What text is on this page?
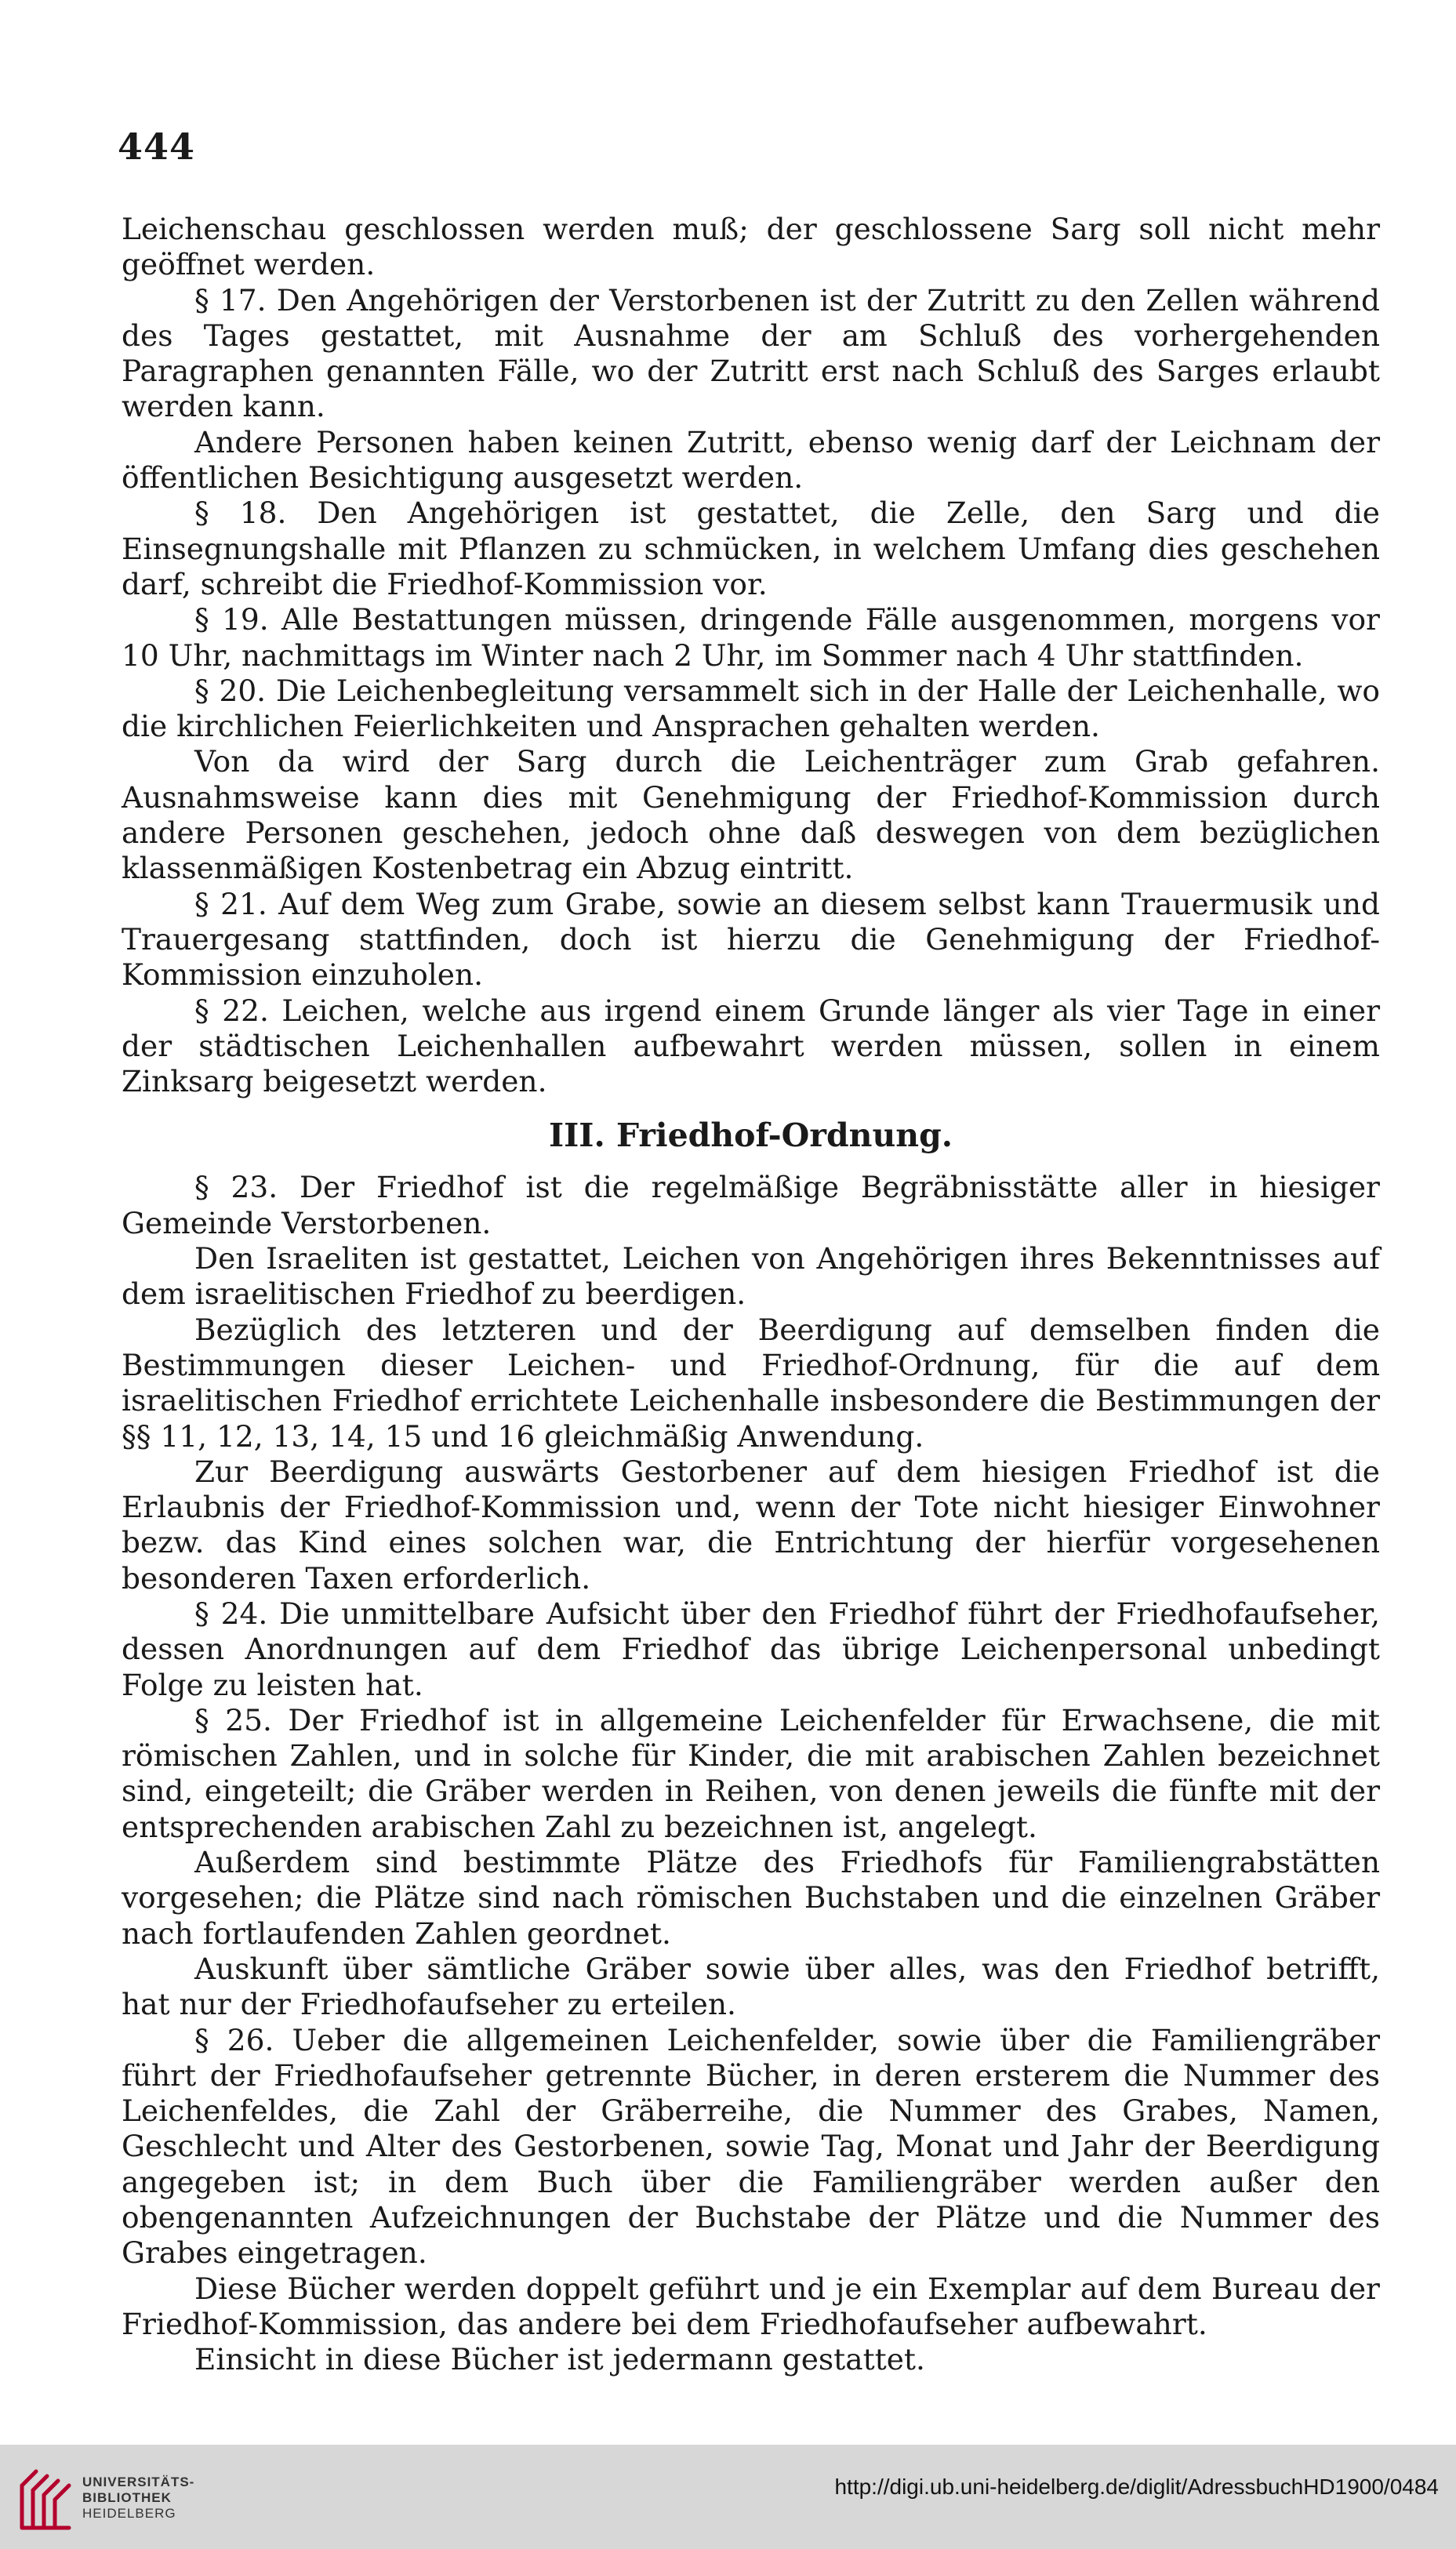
444

Leichenschau geschlossen werden muß; der geschlossene Sarg soll nicht mehr geöffnet werden.

§ 17. Den Angehörigen der Verstorbenen ist der Zutritt zu den Zellen während des Tages gestattet, mit Ausnahme der am Schluß des vorhergehenden Paragraphen genannten Fälle, wo der Zutritt erst nach Schluß des Sarges erlaubt werden kann.

Andere Personen haben keinen Zutritt, ebenso wenig darf der Leichnam der öffentlichen Besichtigung ausgesetzt werden.

§ 18. Den Angehörigen ist gestattet, die Zelle, den Sarg und die Einsegnungshalle mit Pflanzen zu schmücken, in welchem Umfang dies geschehen darf, schreibt die Friedhof-Kommission vor.

§ 19. Alle Bestattungen müssen, dringende Fälle ausgenommen, morgens vor 10 Uhr, nachmittags im Winter nach 2 Uhr, im Sommer nach 4 Uhr stattfinden.

§ 20. Die Leichenbegleitung versammelt sich in der Halle der Leichenhalle, wo die kirchlichen Feierlichkeiten und Ansprachen gehalten werden.

Von da wird der Sarg durch die Leichenträger zum Grab gefahren. Ausnahmsweise kann dies mit Genehmigung der Friedhof-Kommission durch andere Personen geschehen, jedoch ohne daß deswegen von dem bezüglichen klassenmäßigen Kostenbetrag ein Abzug eintritt.

§ 21. Auf dem Weg zum Grabe, sowie an diesem selbst kann Trauermusik und Trauergesang stattfinden, doch ist hierzu die Genehmigung der Friedhof-Kommission einzuholen.

§ 22. Leichen, welche aus irgend einem Grunde länger als vier Tage in einer der städtischen Leichenhallen aufbewahrt werden müssen, sollen in einem Zinksarg beigesetzt werden.

III. Friedhof-Ordnung.

§ 23. Der Friedhof ist die regelmäßige Begräbnisstätte aller in hiesiger Gemeinde Verstorbenen.

Den Israeliten ist gestattet, Leichen von Angehörigen ihres Bekenntnisses auf dem israelitischen Friedhof zu beerdigen.

Bezüglich des letzteren und der Beerdigung auf demselben finden die Bestimmungen dieser Leichen- und Friedhof-Ordnung, für die auf dem israelitischen Friedhof errichtete Leichenhalle insbesondere die Bestimmungen der §§ 11, 12, 13, 14, 15 und 16 gleichmäßig Anwendung.

Zur Beerdigung auswärts Gestorbener auf dem hiesigen Friedhof ist die Erlaubnis der Friedhof-Kommission und, wenn der Tote nicht hiesiger Einwohner bezw. das Kind eines solchen war, die Entrichtung der hierfür vorgesehenen besonderen Taxen erforderlich.

§ 24. Die unmittelbare Aufsicht über den Friedhof führt der Friedhofaufseher, dessen Anordnungen auf dem Friedhof das übrige Leichenpersonal unbedingt Folge zu leisten hat.

§ 25. Der Friedhof ist in allgemeine Leichenfelder für Erwachsene, die mit römischen Zahlen, und in solche für Kinder, die mit arabischen Zahlen bezeichnet sind, eingeteilt; die Gräber werden in Reihen, von denen jeweils die fünfte mit der entsprechenden arabischen Zahl zu bezeichnen ist, angelegt.

Außerdem sind bestimmte Plätze des Friedhofs für Familiengrabstätten vorgesehen; die Plätze sind nach römischen Buchstaben und die einzelnen Gräber nach fortlaufenden Zahlen geordnet.

Auskunft über sämtliche Gräber sowie über alles, was den Friedhof betrifft, hat nur der Friedhofaufseher zu erteilen.

§ 26. Ueber die allgemeinen Leichenfelder, sowie über die Familiengräber führt der Friedhofaufseher getrennte Bücher, in deren ersterem die Nummer des Leichenfeldes, die Zahl der Gräberreihe, die Nummer des Grabes, Namen, Geschlecht und Alter des Gestorbenen, sowie Tag, Monat und Jahr der Beerdigung angegeben ist; in dem Buch über die Familiengräber werden außer den obengenannten Aufzeichnungen der Buchstabe der Plätze und die Nummer des Grabes eingetragen.

Diese Bücher werden doppelt geführt und je ein Exemplar auf dem Bureau der Friedhof-Kommission, das andere bei dem Friedhofaufseher aufbewahrt.

Einsicht in diese Bücher ist jedermann gestattet.

UNIVERSITÄTS-
BIBLIOTHEK
HEIDELBERG
http://digi.ub.uni-heidelberg.de/diglit/AdressbuchHD1900/0484
